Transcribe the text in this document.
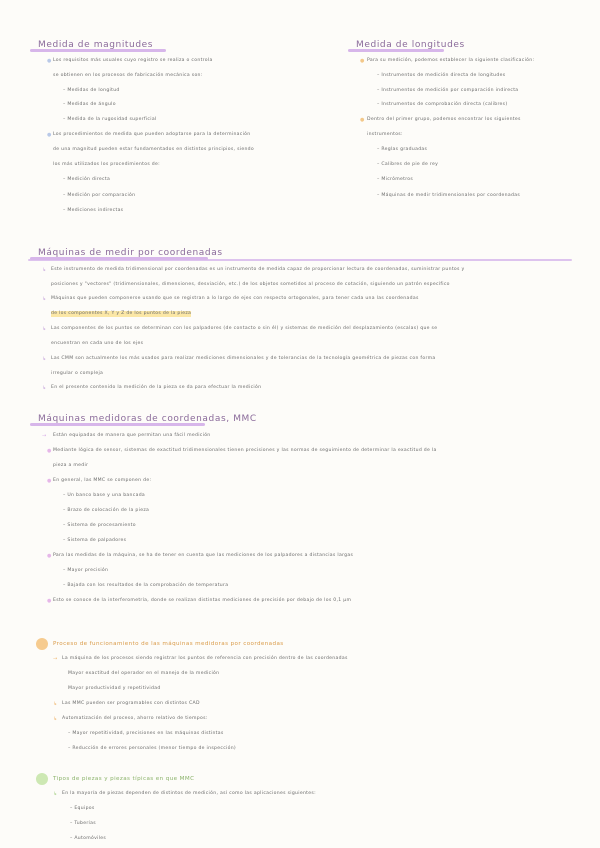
Medida de magnitudes
● Los requisitos más usuales cuyo registro se realiza o controla
se obtienen en los procesos de fabricación mecánica son:
– Medidas de longitud
– Medidas de ángulo
– Medida de la rugosidad superficial
● Los procedimientos de medida que pueden adoptarse para la determinación
de una magnitud pueden estar fundamentados en distintos principios, siendo
los más utilizados los procedimientos de:
– Medición directa
– Medición por comparación
– Mediciones indirectas
Medida de longitudes
● Para su medición, podemos establecer la siguiente clasificación:
– Instrumentos de medición directa de longitudes
– Instrumentos de medición por comparación indirecta
– Instrumentos de comprobación directa (calibres)
● Dentro del primer grupo, podemos encontrar los siguientes
instrumentos:
– Reglas graduadas
– Calibres de pie de rey
– Micrómetros
– Máquinas de medir tridimensionales por coordenadas
Máquinas de medir por coordenadas
↳ Este instrumento de medida tridimensional por coordenadas es un instrumento de medida capaz de proporcionar lectura de coordenadas, suministrar puntos y
posiciones y "vectores" (tridimensionales, dimensiones, desviación, etc.) de los objetos sometidos al proceso de cotación, siguiendo un patrón específico
↳ Máquinas que pueden componerse usando que se registran a lo largo de ejes con respecto ortogonales, para tener cada una las coordenadas
de los componentes X, Y y Z de los puntos de la pieza
↳ Las componentes de los puntos se determinan con los palpadores (de contacto o sin él) y sistemas de medición del desplazamiento (escalas) que se
encuentran en cada uno de los ejes
↳ Las CMM son actualmente los más usados para realizar mediciones dimensionales y de tolerancias de la tecnología geométrica de piezas con forma
irregular o compleja
↳ En el presente contenido la medición de la pieza se da para efectuar la medición
Máquinas medidoras de coordenadas, MMC
→ Están equipadas de manera que permitan una fácil medición
● Mediante lógica de sensor, sistemas de exactitud tridimensionales tienen precisiones y las normas de seguimiento de determinar la exactitud de la
pieza a medir
● En general, las MMC se componen de:
– Un banco base y una bancada
– Brazo de colocación de la pieza
– Sistema de procesamiento
– Sistema de palpadores
● Para las medidas de la máquina, se ha de tener en cuenta que las mediciones de los palpadores a distancias largas
– Mayor precisión
– Bajada con los resultados de la comprobación de temperatura
● Esto se conoce de la interferometría, donde se realizan distintas mediciones de precisión por debajo de los 0,1 µm
Proceso de funcionamiento de las máquinas medidoras por coordenadas
→ La máquina de los procesos siendo registrar los puntos de referencia con precisión dentro de las coordenadas
Mayor exactitud del operador en el manejo de la medición
Mayor productividad y repetitividad
↳ Las MMC pueden ser programables con distintos CAD
↳ Automatización del proceso, ahorro relativo de tiempos:
– Mayor repetitividad, precisiones en las máquinas distintas
– Reducción de errores personales (menor tiempo de inspección)
Tipos de piezas y piezas típicas en que MMC
↳ En la mayoría de piezas dependen de distintos de medición, así como las aplicaciones siguientes:
– Equipos
– Tuberías
– Automóviles
